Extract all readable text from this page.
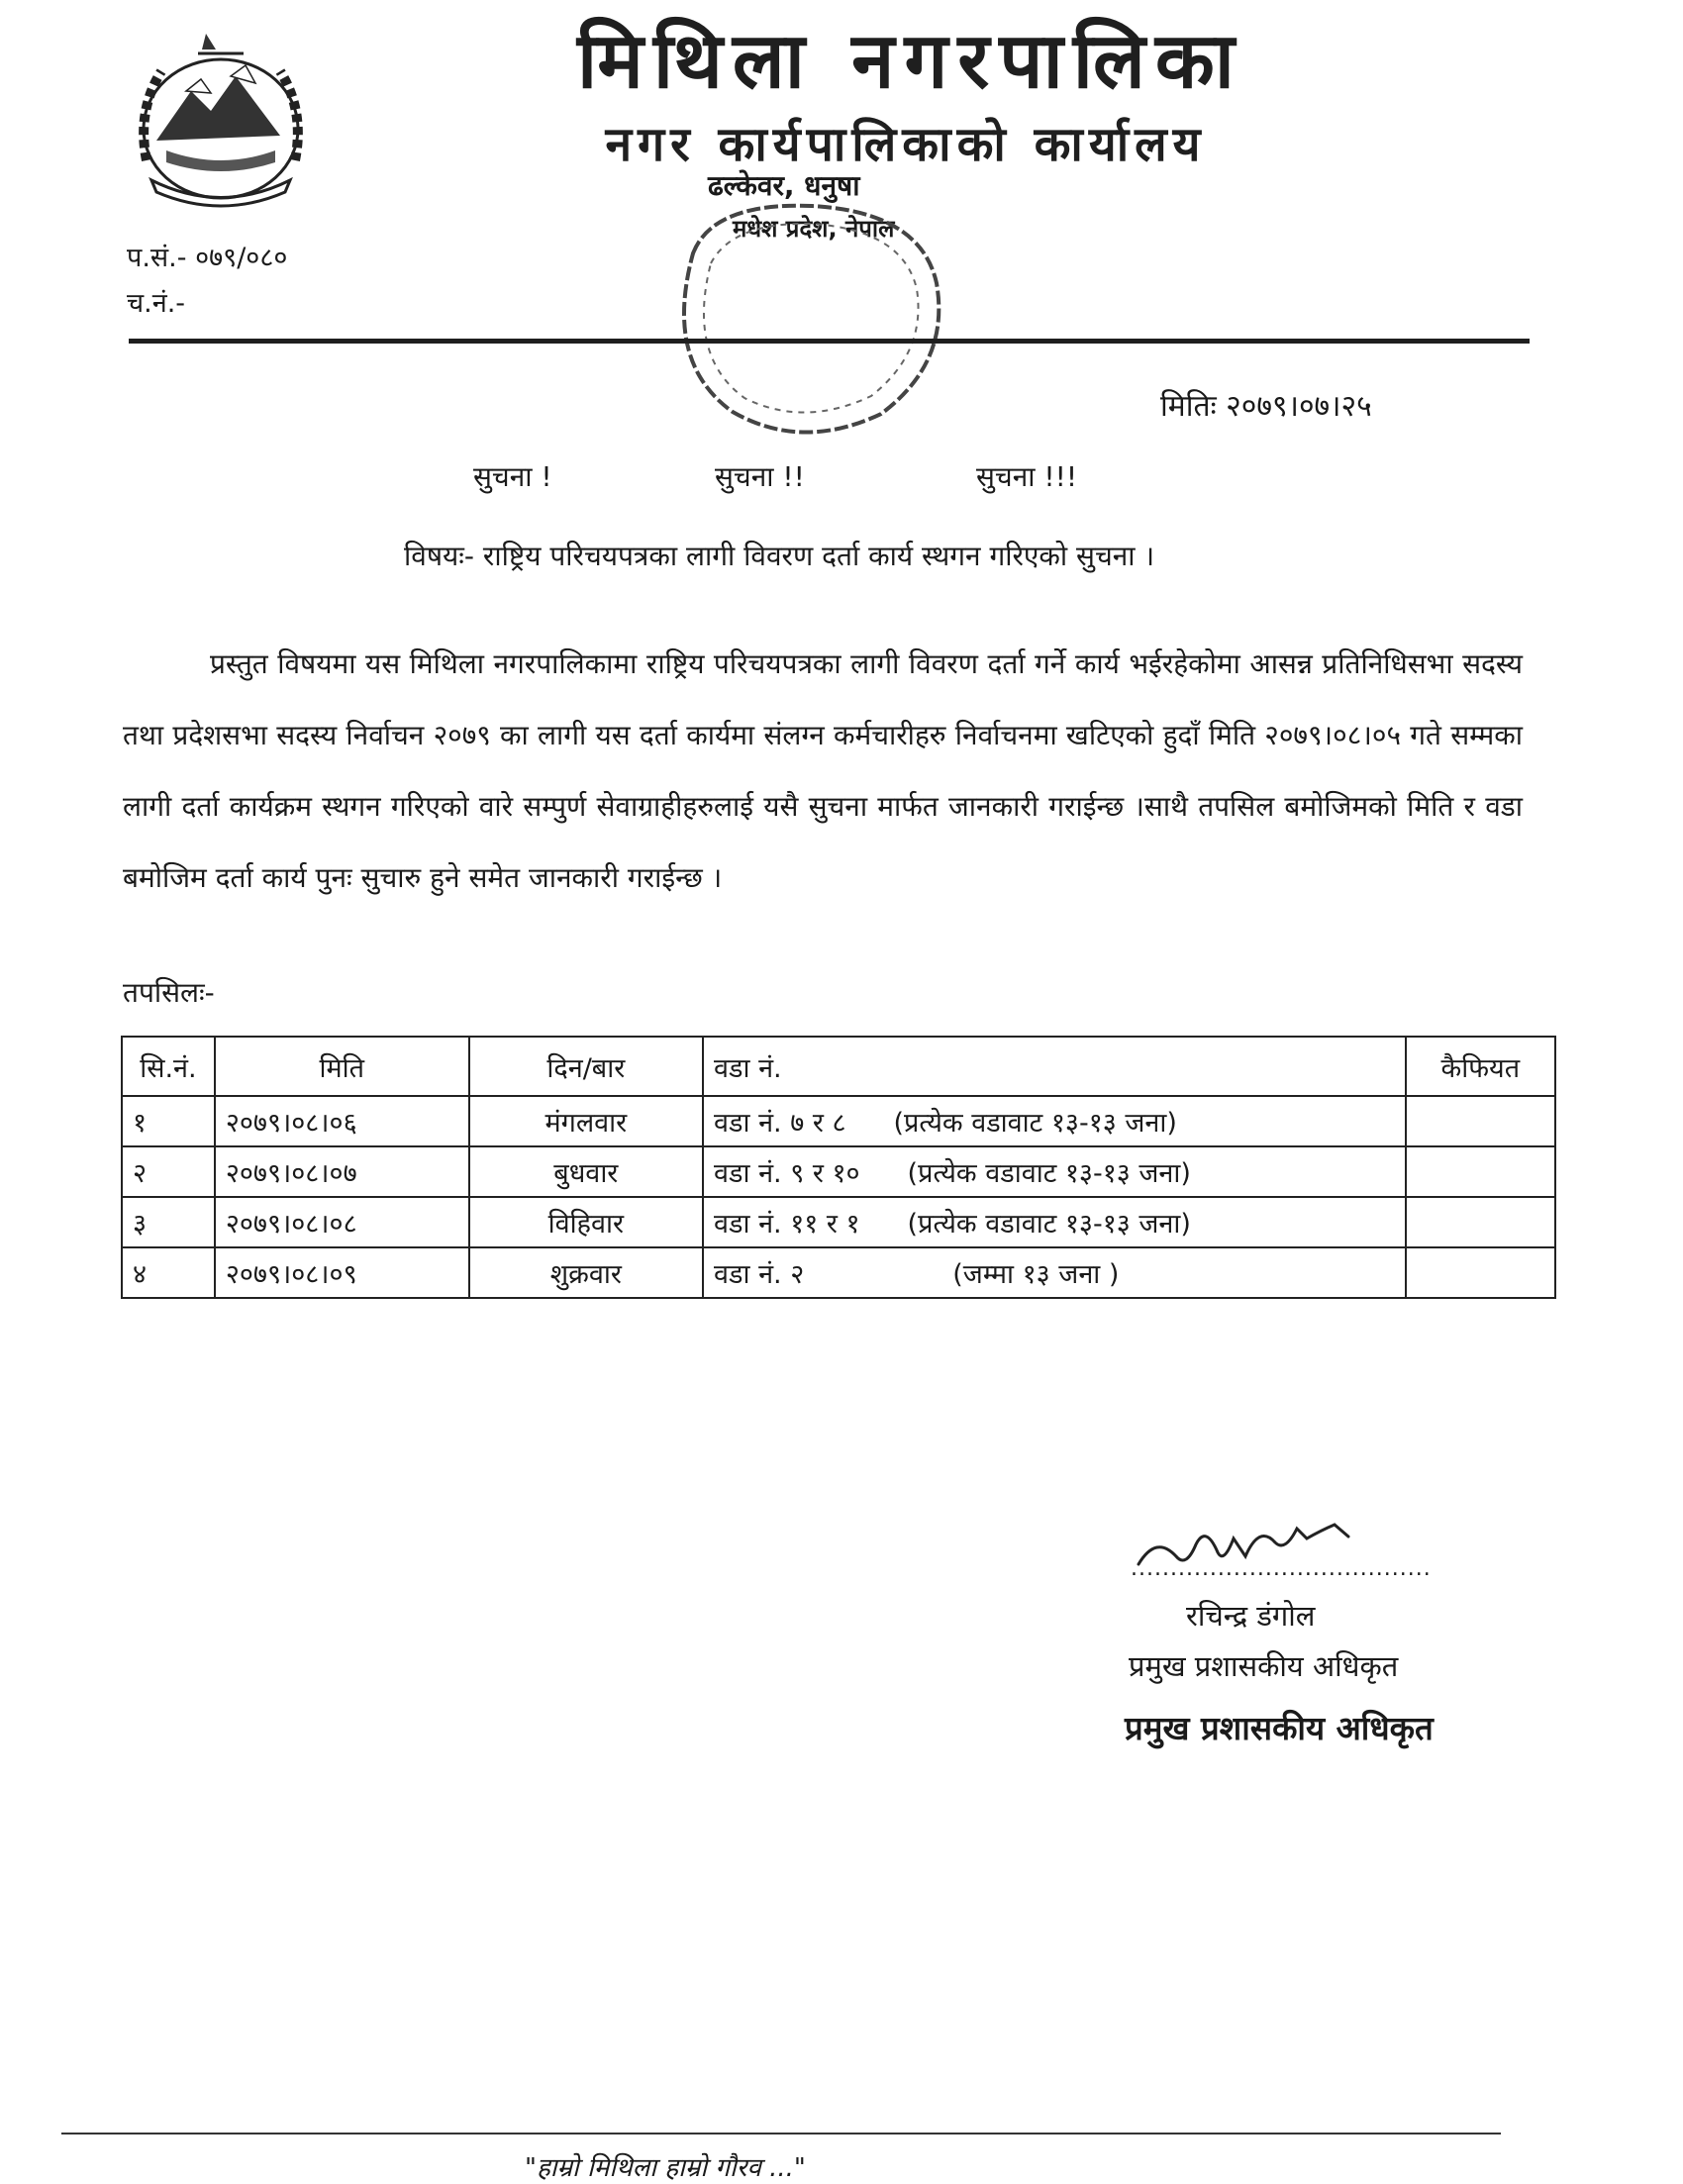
मिथिला नगरपालिका
नगर कार्यपालिकाको कार्यालय
ढल्केवर, धनुषा
मधेश प्रदेश, नेपाल
प.सं.- ०७९/०८०
च.नं.-
मितिः २०७९।०७।२५
सुचना !	सुचना !!	सुचना !!!
विषयः- राष्ट्रिय परिचयपत्रका लागी विवरण दर्ता कार्य स्थगन गरिएको सुचना ।
प्रस्तुत विषयमा यस मिथिला नगरपालिकामा राष्ट्रिय परिचयपत्रका लागी विवरण दर्ता गर्ने कार्य भईरहेकोमा आसन्न प्रतिनिधिसभा सदस्य तथा प्रदेशसभा सदस्य निर्वाचन २०७९ का लागी यस दर्ता कार्यमा संलग्न कर्मचारीहरु निर्वाचनमा खटिएको हुदाँ मिति २०७९।०८।०५ गते सम्मका लागी दर्ता कार्यक्रम स्थगन गरिएको वारे सम्पुर्ण सेवाग्राहीहरुलाई यसै सुचना मार्फत जानकारी गराईन्छ ।साथै तपसिल बमोजिमको मिति र वडा बमोजिम दर्ता कार्य पुनः सुचारु हुने समेत जानकारी गराईन्छ ।
तपसिलः-
सि.नं.	मिति	दिन/बार	वडा नं.	कैफियत
१	२०७९।०८।०६	मंगलवार	वडा नं. ७ र ८ (प्रत्येक वडावाट १३-१३ जना)	
२	२०७९।०८।०७	बुधवार	वडा नं. ९ र १० (प्रत्येक वडावाट १३-१३ जना)	
३	२०७९।०८।०८	विहिवार	वडा नं. ११ र १ (प्रत्येक वडावाट १३-१३ जना)	
४	२०७९।०८।०९	शुक्रवार	वडा नं. २ (जम्मा १३ जना )	
......................................
रचिन्द्र डंगोल
प्रमुख प्रशासकीय अधिकृत
प्रमुख प्रशासकीय अधिकृत
"हाम्रो मिथिला हाम्रो गौरव ..."
